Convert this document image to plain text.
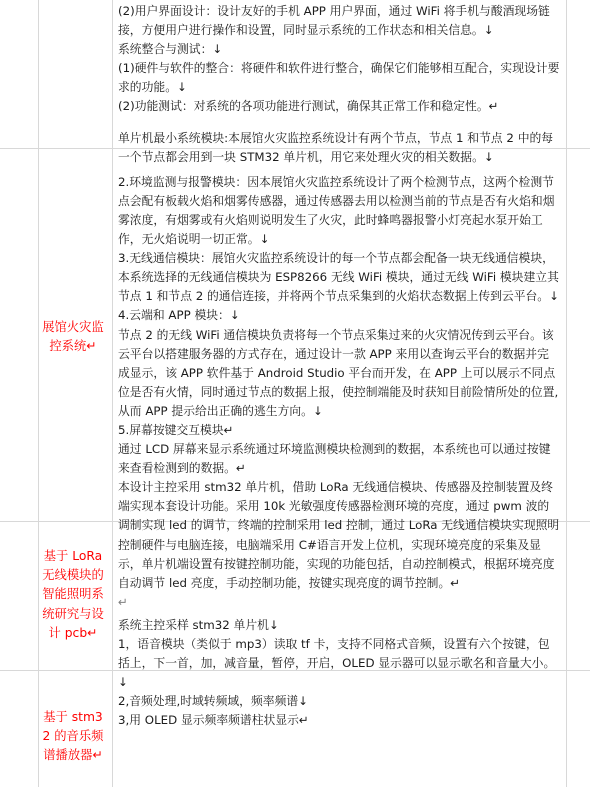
展馆火灾监控系统↵
基于 LoRa 无线模块的智能照明系统研究与设计 pcb↵
基于 stm32 的音乐频谱播放器↵

(2)用户界面设计：设计友好的手机 APP 用户界面，通过 WiFi 将手机与酸酒现场链接，方便用户进行操作和设置，同时显示系统的工作状态和相关信息。↓

系统整合与测试：↓

(1)硬件与软件的整合：将硬件和软件进行整合，确保它们能够相互配合，实现设计要求的功能。↓

(2)功能测试：对系统的各项功能进行测试，确保其正常工作和稳定性。↵

单片机最小系统模块:本展馆火灾监控系统设计有两个节点，节点 1 和节点 2 中的每一个节点都会用到一块 STM32 单片机，用它来处理火灾的相关数据。↓

2.环境监测与报警模块：因本展馆火灾监控系统设计了两个检测节点，这两个检测节点会配有板载火焰和烟雾传感器，通过传感器去用以检测当前的节点是否有火焰和烟雾浓度，有烟雾或有火焰则说明发生了火灾，此时蜂鸣器报警小灯亮起水泵开始工作，无火焰说明一切正常。↓

3.无线通信模块：展馆火灾监控系统设计的每一个节点都会配备一块无线通信模块，本系统选择的无线通信模块为 ESP8266 无线 WiFi 模块，通过无线 WiFi 模块建立其节点 1 和节点 2 的通信连接，并将两个节点采集到的火焰状态数据上传到云平台。↓

4.云端和 APP 模块：↓

节点 2 的无线 WiFi 通信模块负责将每一个节点采集过来的火灾情况传到云平台。该云平台以搭建服务器的方式存在，通过设计一款 APP 来用以查询云平台的数据并完成显示，该 APP 软件基于 Android Studio 平台而开发，在 APP 上可以展示不同点位是否有火情，同时通过节点的数据上报，使控制端能及时获知目前险情所处的位置,从而 APP 提示给出正确的逃生方向。↓

5.屏幕按键交互模块↵

通过 LCD 屏幕来显示系统通过环境监测模块检测到的数据，本系统也可以通过按键来查看检测到的数据。↵

本设计主控采用 stm32 单片机，借助 LoRa 无线通信模块、传感器及控制装置及终端实现本套设计功能。采用 10k 光敏强度传感器检测环境的亮度，通过 pwm 波的调制实现 led 的调节，终端的控制采用 led 控制，通过 LoRa 无线通信模块实现照明控制硬件与电脑连接，电脑端采用 C#语言开发上位机，实现环境亮度的采集及显示，单片机端设置有按键控制功能，实现的功能包括，自动控制模式，根据环境亮度自动调节 led 亮度，手动控制功能，按键实现亮度的调节控制。↵

↵

系统主控采样 stm32 单片机↓

1，语音模块（类似于 mp3）读取 tf 卡，支持不同格式音频，设置有六个按键，包括上，下一首，加，减音量，暂停，开启，OLED 显示器可以显示歌名和音量大小。↓

2,音频处理,时域转频域，频率频谱↓

3,用 OLED 显示频率频谱柱状显示↵
